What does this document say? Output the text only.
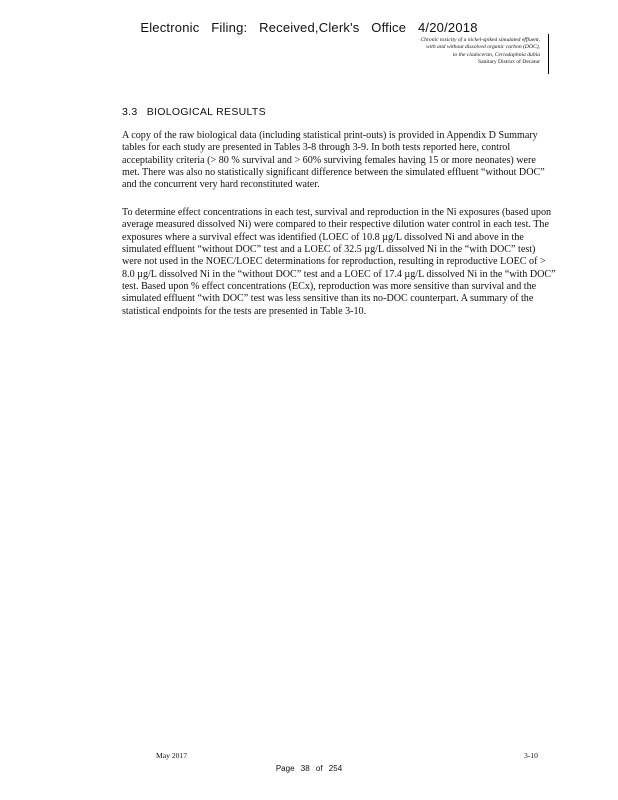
Electronic Filing: Received,Clerk's Office 4/20/2018
Chronic toxicity of a nickel-spiked simulated effluent,
with and without dissolved organic carbon (DOC),
to the cladoceran, Ceriodaphnia dubia
Sanitary District of Decatur
3.3 BIOLOGICAL RESULTS

A copy of the raw biological data (including statistical print-outs) is provided in Appendix D Summary tables for each study are presented in Tables 3-8 through 3-9. In both tests reported here, control acceptability criteria (> 80 % survival and > 60% surviving females having 15 or more neonates) were met. There was also no statistically significant difference between the simulated effluent “without DOC” and the concurrent very hard reconstituted water.

To determine effect concentrations in each test, survival and reproduction in the Ni exposures (based upon average measured dissolved Ni) were compared to their respective dilution water control in each test. The exposures where a survival effect was identified (LOEC of 10.8 µg/L dissolved Ni and above in the simulated effluent “without DOC” test and a LOEC of 32.5 µg/L dissolved Ni in the “with DOC” test) were not used in the NOEC/LOEC determinations for reproduction, resulting in reproductive LOEC of > 8.0 µg/L dissolved Ni in the “without DOC” test and a LOEC of 17.4 µg/L dissolved Ni in the “with DOC” test. Based upon % effect concentrations (ECx), reproduction was more sensitive than survival and the simulated effluent “with DOC” test was less sensitive than its no-DOC counterpart. A summary of the statistical endpoints for the tests are presented in Table 3-10.

May 2017	3-10
Page 38 of 254
